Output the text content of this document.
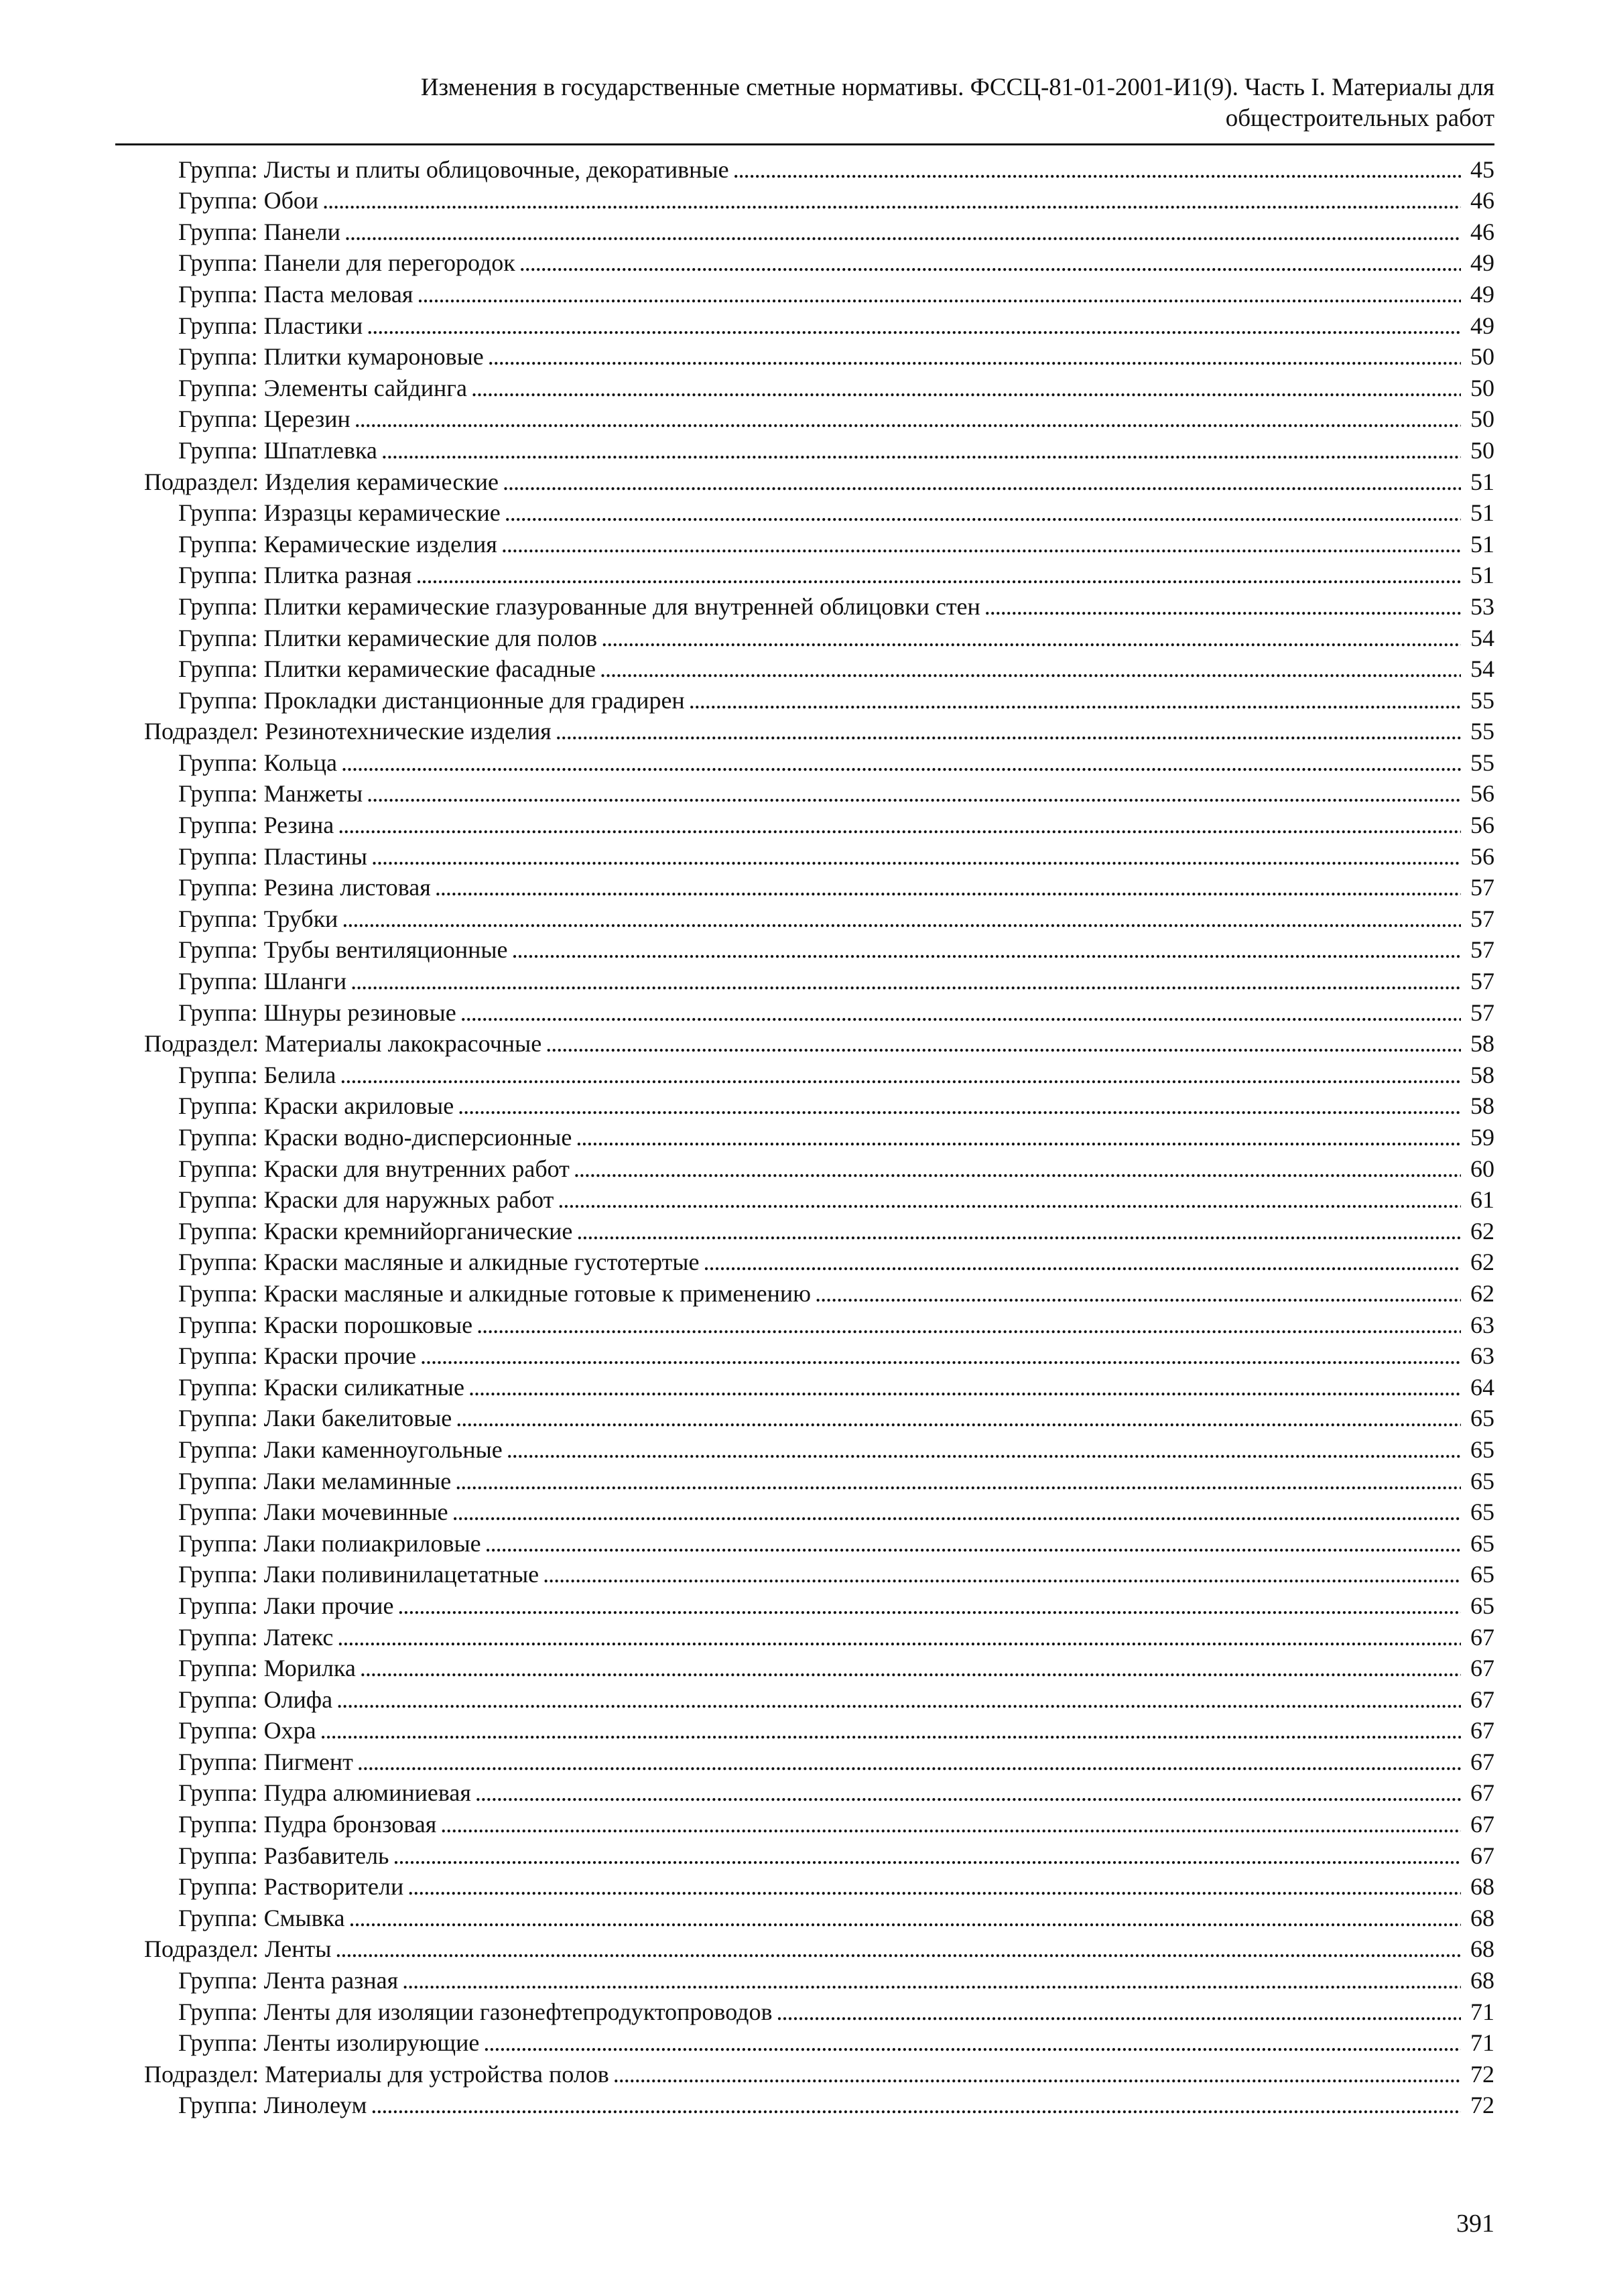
Изменения в государственные сметные нормативы. ФССЦ-81-01-2001-И1(9). Часть I. Материалы для
общестроительных работ
Группа: Листы и плиты облицовочные, декоративные . . .	45
Группа: Обои . . .	46
Группа: Панели . . .	46
Группа: Панели для перегородок . . .	49
Группа: Паста меловая . . .	49
Группа: Пластики . . .	49
Группа: Плитки кумароновые . . .	50
Группа: Элементы сайдинга . . .	50
Группа: Церезин . . .	50
Группа: Шпатлевка . . .	50
Подраздел: Изделия керамические . . .	51
Группа: Изразцы керамические . . .	51
Группа: Керамические изделия . . .	51
Группа: Плитка разная . . .	51
Группа: Плитки керамические глазурованные для внутренней облицовки стен . . .	53
Группа: Плитки керамические для полов . . .	54
Группа: Плитки керамические фасадные . . .	54
Группа: Прокладки дистанционные для градирен . . .	55
Подраздел: Резинотехнические изделия . . .	55
Группа: Кольца . . .	55
Группа: Манжеты . . .	56
Группа: Резина . . .	56
Группа: Пластины . . .	56
Группа: Резина листовая . . .	57
Группа: Трубки . . .	57
Группа: Трубы вентиляционные . . .	57
Группа: Шланги . . .	57
Группа: Шнуры резиновые . . .	57
Подраздел: Материалы лакокрасочные . . .	58
Группа: Белила . . .	58
Группа: Краски акриловые . . .	58
Группа: Краски водно-дисперсионные . . .	59
Группа: Краски для внутренних работ . . .	60
Группа: Краски для наружных работ . . .	61
Группа: Краски кремнийорганические . . .	62
Группа: Краски масляные и алкидные густотертые . . .	62
Группа: Краски масляные и алкидные готовые к применению . . .	62
Группа: Краски порошковые . . .	63
Группа: Краски прочие . . .	63
Группа: Краски силикатные . . .	64
Группа: Лаки бакелитовые . . .	65
Группа: Лаки каменноугольные . . .	65
Группа: Лаки меламинные . . .	65
Группа: Лаки мочевинные . . .	65
Группа: Лаки полиакриловые . . .	65
Группа: Лаки поливинилацетатные . . .	65
Группа: Лаки прочие . . .	65
Группа: Латекс . . .	67
Группа: Морилка . . .	67
Группа: Олифа . . .	67
Группа: Охра . . .	67
Группа: Пигмент . . .	67
Группа: Пудра алюминиевая . . .	67
Группа: Пудра бронзовая . . .	67
Группа: Разбавитель . . .	67
Группа: Растворители . . .	68
Группа: Смывка . . .	68
Подраздел: Ленты . . .	68
Группа: Лента разная . . .	68
Группа: Ленты для изоляции газонефтепродуктопроводов . . .	71
Группа: Ленты изолирующие . . .	71
Подраздел: Материалы для устройства полов . . .	72
Группа: Линолеум . . .	72
391
